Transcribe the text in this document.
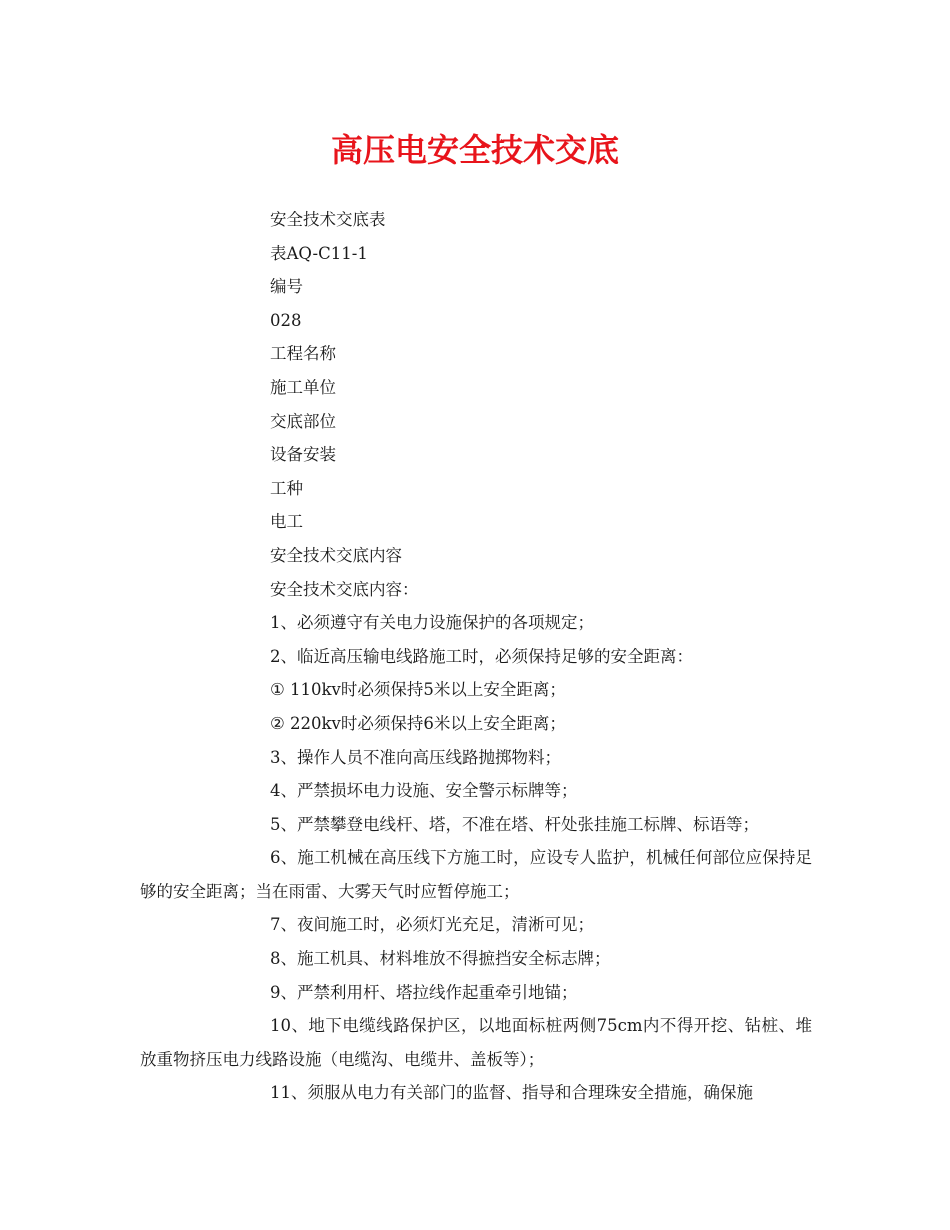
高压电安全技术交底

安全技术交底表

表AQ-C11-1

编号

028

工程名称

施工单位

交底部位

设备安装

工种

电工

安全技术交底内容

安全技术交底内容：

1、必须遵守有关电力设施保护的各项规定；

2、临近高压输电线路施工时，必须保持足够的安全距离：

① 110kv时必须保持5米以上安全距离；

② 220kv时必须保持6米以上安全距离；

3、操作人员不准向高压线路抛掷物料；

4、严禁损坏电力设施、安全警示标牌等；

5、严禁攀登电线杆、塔，不准在塔、杆处张挂施工标牌、标语等；

6、施工机械在高压线下方施工时，应设专人监护，机械任何部位应保持足够的安全距离；当在雨雷、大雾天气时应暂停施工；

7、夜间施工时，必须灯光充足，清淅可见；

8、施工机具、材料堆放不得摭挡安全标志牌；

9、严禁利用杆、塔拉线作起重牵引地锚；

10、地下电缆线路保护区，以地面标桩两侧75cm内不得开挖、钻桩、堆放重物挤压电力线路设施（电缆沟、电缆井、盖板等）；

11、须服从电力有关部门的监督、指导和合理珠安全措施，确保施
